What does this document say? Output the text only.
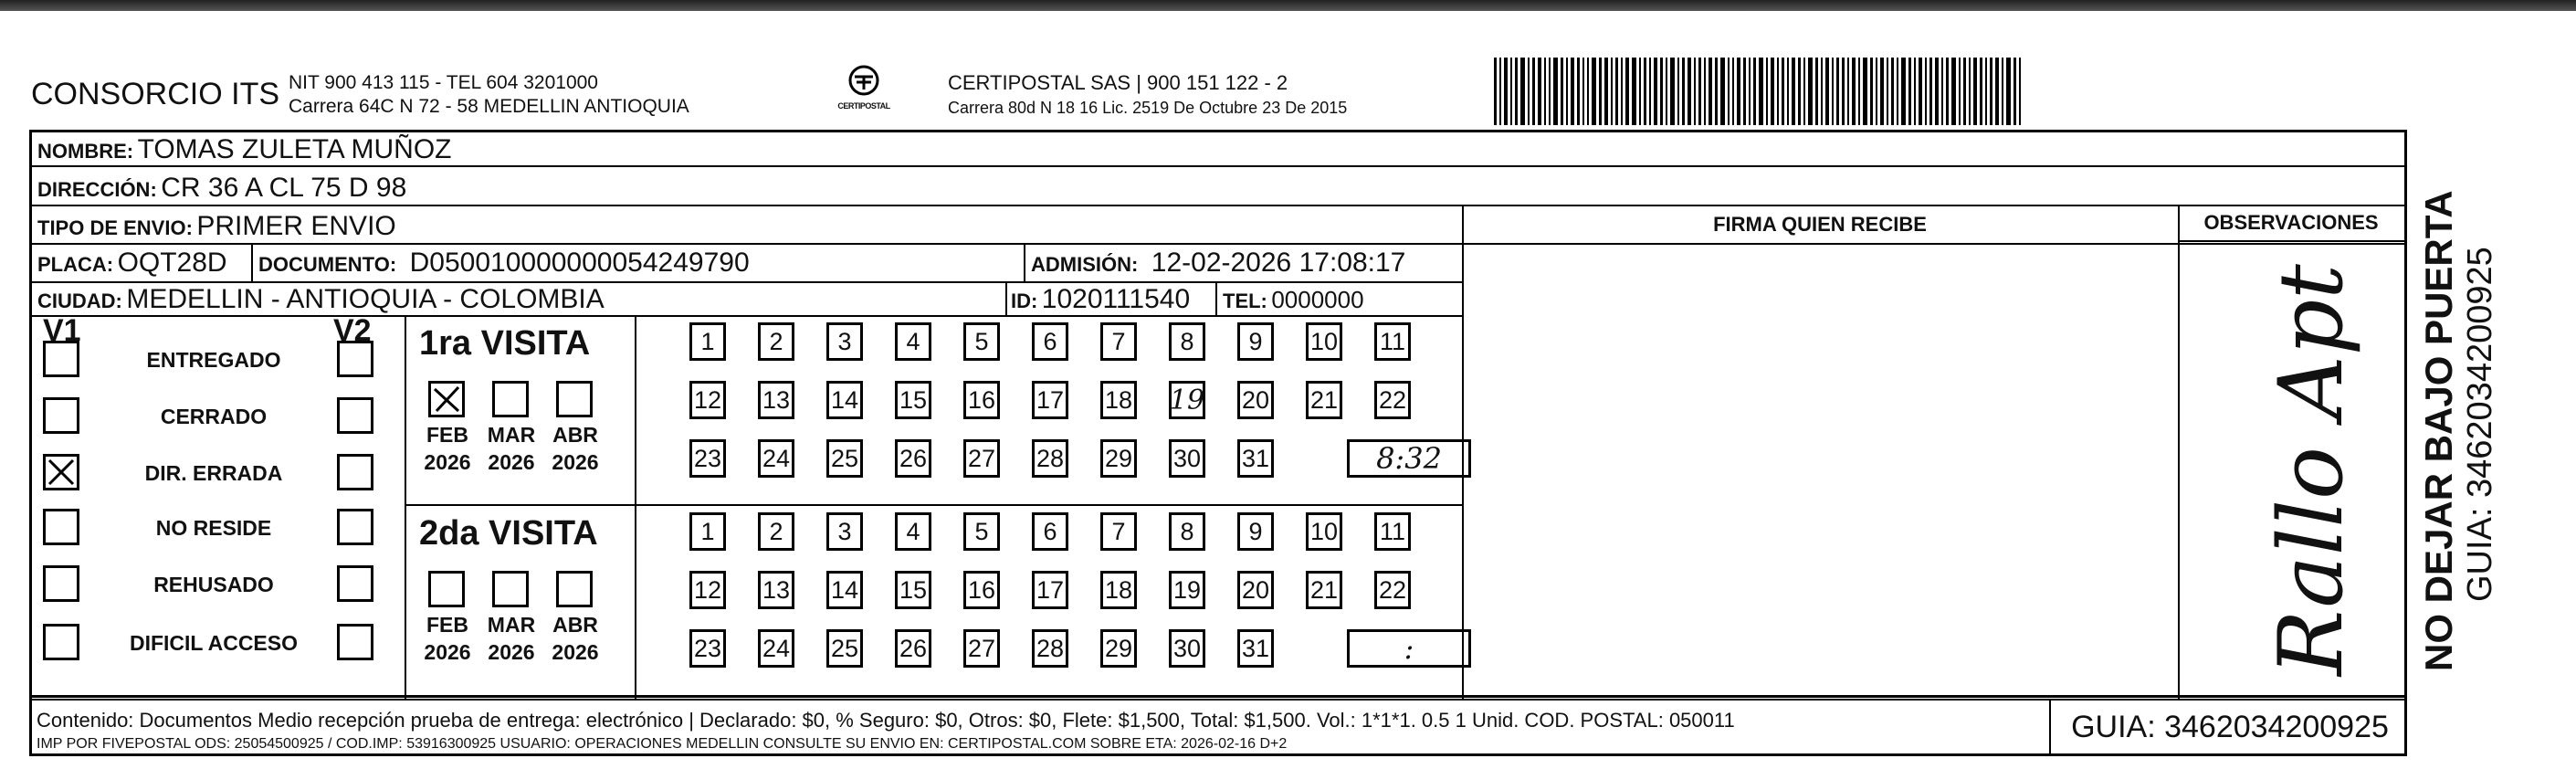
CONSORCIO ITS NIT 900 413 115 - TEL 604 3201000
Carrera 64C N 72 - 58 MEDELLIN ANTIOQUIA	CERTIPOSTAL
CERTIPOSTAL SAS | 900 151 122 - 2
Carrera 80d N 18 16 Lic. 2519 De Octubre 23 De 2015
NOMBRE: TOMAS ZULETA MUÑOZ
DIRECCIÓN: CR 36 A CL 75 D 98
TIPO DE ENVIO: PRIMER ENVIO	FIRMA QUIEN RECIBE	OBSERVACIONES
PLACA: OQT28D DOCUMENTO: D050010000000054249790	ADMISIÓN: 12-02-2026 17:08:17
CIUDAD: MEDELLIN - ANTIOQUIA - COLOMBIA	ID: 1020111540 TEL: 0000000
V1	V2
ENTREGADO
CERRADO
DIR. ERRADA
NO RESIDE
REHUSADO
DIFICIL ACCESO
1ra VISITA
FEB
2026
MAR
2026
ABR
2026
1	2	3	4	5	6	7	8	9	10 11
12 13 14 15 16 17 18 19 20 21 22
23 24 25 26 27 28 29 30 31	8:32
2da VISITA
FEB
2026
MAR
2026
ABR
2026
1	2	3	4	5	6	7	8	9	10 11
12 13 14 15 16 17 18 19 20 21 22
23 24 25 26 27 28 29 30 31	:	Rallo Apt NO DEJAR BAJO PUERTA GUIA: 3462034200925
Contenido: Documentos Medio recepción prueba de entrega: electrónico | Declarado: $0, % Seguro: $0, Otros: $0, Flete: $1,500, Total: $1,500. Vol.: 1*1*1. 0.5 1 Unid. COD. POSTAL: 050011
IMP POR FIVEPOSTAL ODS: 25054500925 / COD.IMP: 53916300925 USUARIO: OPERACIONES MEDELLIN CONSULTE SU ENVIO EN: CERTIPOSTAL.COM SOBRE ETA: 2026-02-16 D+2	GUIA: 3462034200925
